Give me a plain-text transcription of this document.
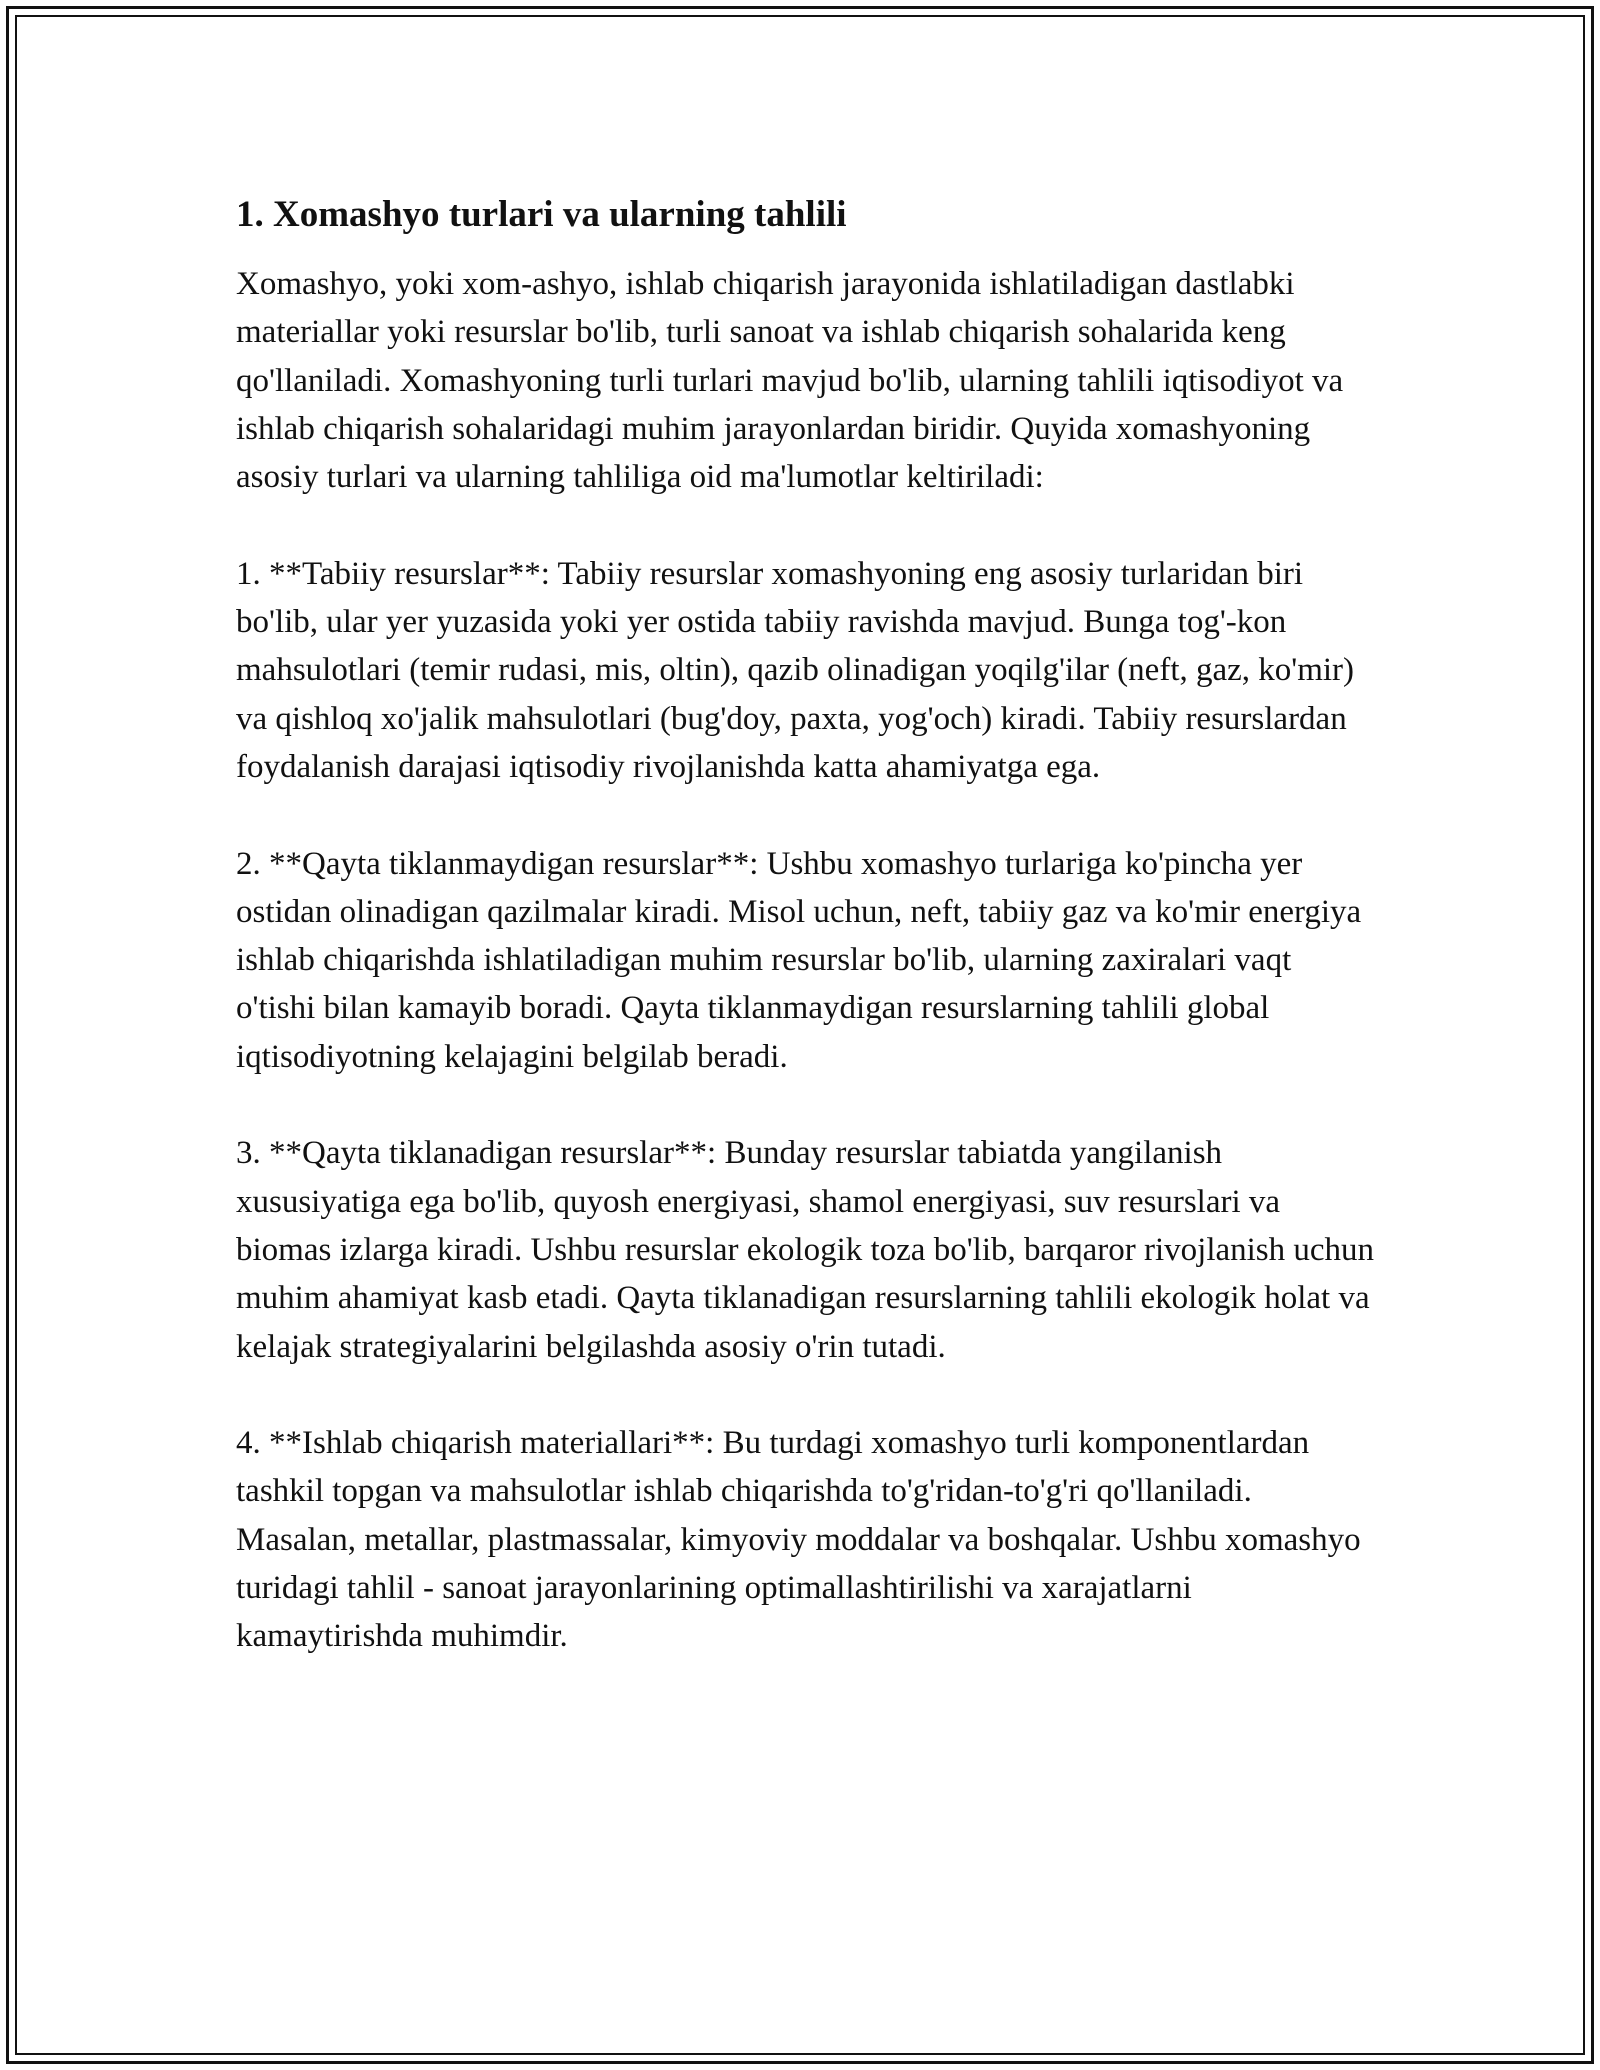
1. Xomashyo turlari va ularning tahlili

Xomashyo, yoki xom-ashyo, ishlab chiqarish jarayonida ishlatiladigan dastlabki materiallar yoki resurslar bo'lib, turli sanoat va ishlab chiqarish sohalarida keng qo'llaniladi. Xomashyoning turli turlari mavjud bo'lib, ularning tahlili iqtisodiyot va ishlab chiqarish sohalaridagi muhim jarayonlardan biridir. Quyida xomashyoning asosiy turlari va ularning tahliliga oid ma'lumotlar keltiriladi:

1. **Tabiiy resurslar**: Tabiiy resurslar xomashyoning eng asosiy turlaridan biri bo'lib, ular yer yuzasida yoki yer ostida tabiiy ravishda mavjud. Bunga tog'-kon mahsulotlari (temir rudasi, mis, oltin), qazib olinadigan yoqilg'ilar (neft, gaz, ko'mir) va qishloq xo'jalik mahsulotlari (bug'doy, paxta, yog'och) kiradi. Tabiiy resurslardan foydalanish darajasi iqtisodiy rivojlanishda katta ahamiyatga ega.

2. **Qayta tiklanmaydigan resurslar**: Ushbu xomashyo turlariga ko'pincha yer ostidan olinadigan qazilmalar kiradi. Misol uchun, neft, tabiiy gaz va ko'mir energiya ishlab chiqarishda ishlatiladigan muhim resurslar bo'lib, ularning zaxiralari vaqt o'tishi bilan kamayib boradi. Qayta tiklanmaydigan resurslarning tahlili global iqtisodiyotning kelajagini belgilab beradi.

3. **Qayta tiklanadigan resurslar**: Bunday resurslar tabiatda yangilanish xususiyatiga ega bo'lib, quyosh energiyasi, shamol energiyasi, suv resurslari va biomas izlarga kiradi. Ushbu resurslar ekologik toza bo'lib, barqaror rivojlanish uchun muhim ahamiyat kasb etadi. Qayta tiklanadigan resurslarning tahlili ekologik holat va kelajak strategiyalarini belgilashda asosiy o'rin tutadi.

4. **Ishlab chiqarish materiallari**: Bu turdagi xomashyo turli komponentlardan tashkil topgan va mahsulotlar ishlab chiqarishda to'g'ridan-to'g'ri qo'llaniladi. Masalan, metallar, plastmassalar, kimyoviy moddalar va boshqalar. Ushbu xomashyo turidagi tahlil - sanoat jarayonlarining optimallashtirilishi va xarajatlarni kamaytirishda muhimdir.
